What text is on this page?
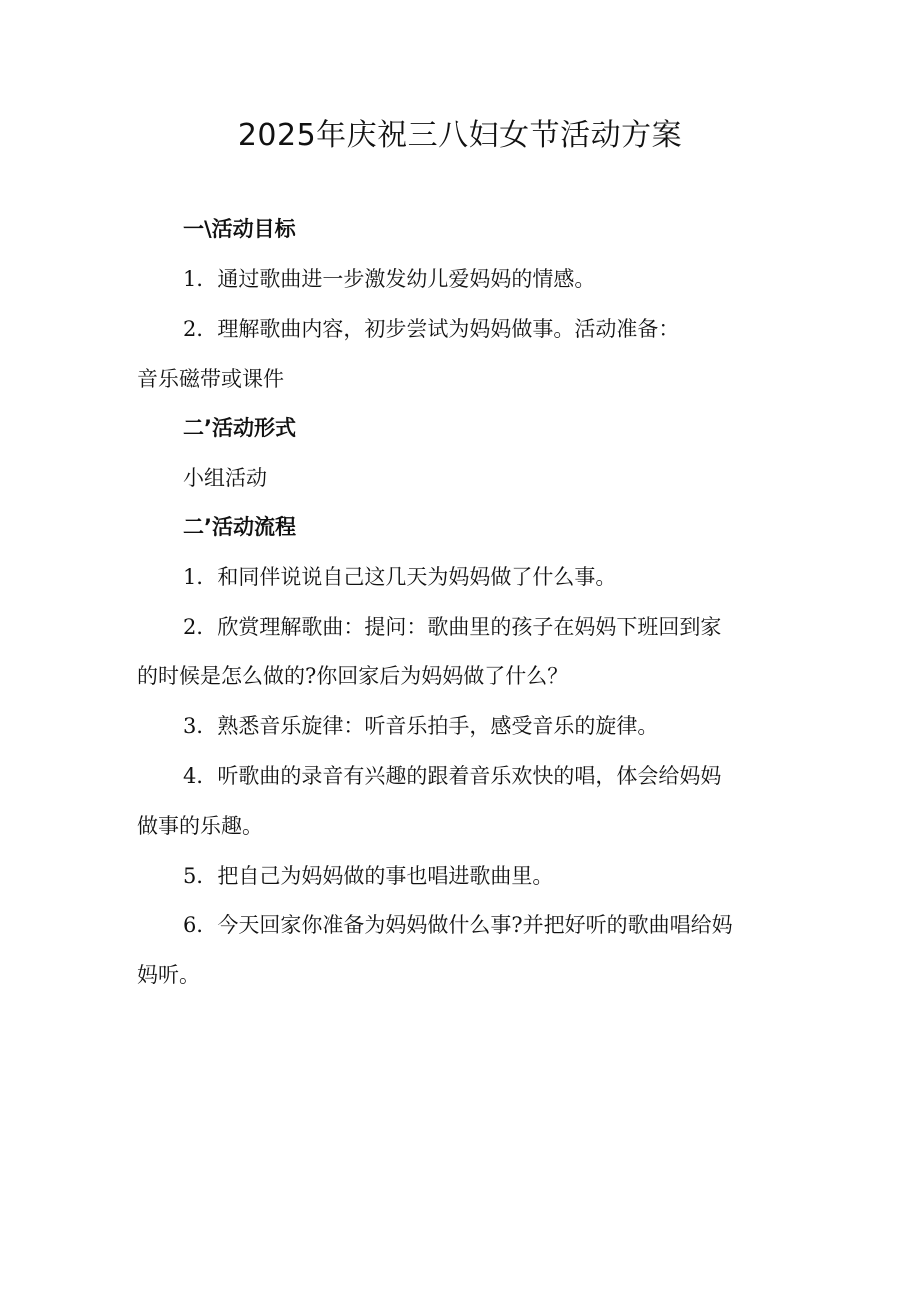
2025年庆祝三八妇女节活动方案
一\活动目标
1．通过歌曲进一步激发幼儿爱妈妈的情感。
2．理解歌曲内容，初步尝试为妈妈做事。活动准备：
音乐磁带或课件
二’活动形式
小组活动
二’活动流程
1．和同伴说说自己这几天为妈妈做了什么事。
2．欣赏理解歌曲：提问：歌曲里的孩子在妈妈下班回到家
的时候是怎么做的?你回家后为妈妈做了什么？
3．熟悉音乐旋律：听音乐拍手，感受音乐的旋律。
4．听歌曲的录音有兴趣的跟着音乐欢快的唱，体会给妈妈
做事的乐趣。
5．把自己为妈妈做的事也唱进歌曲里。
6．今天回家你准备为妈妈做什么事?并把好听的歌曲唱给妈
妈听。
